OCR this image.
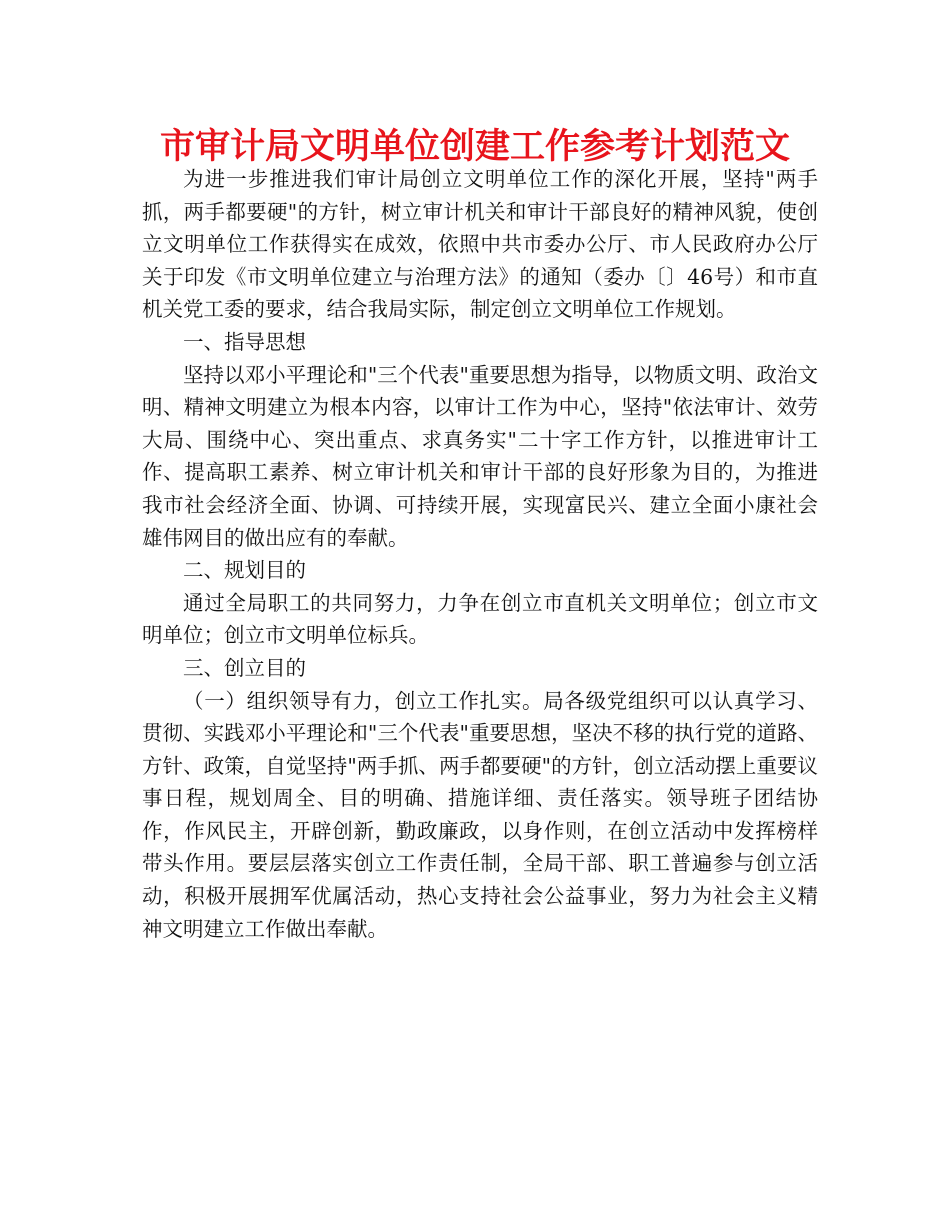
市审计局文明单位创建工作参考计划范文

为进一步推进我们审计局创立文明单位工作的深化开展，坚持"两手抓，两手都要硬"的方针，树立审计机关和审计干部良好的精神风貌，使创立文明单位工作获得实在成效，依照中共市委办公厅、市人民政府办公厅关于印发《市文明单位建立与治理方法》的通知（委办〔〕46号）和市直机关党工委的要求，结合我局实际，制定创立文明单位工作规划。

一、指导思想

坚持以邓小平理论和"三个代表"重要思想为指导，以物质文明、政治文明、精神文明建立为根本内容，以审计工作为中心，坚持"依法审计、效劳大局、围绕中心、突出重点、求真务实"二十字工作方针，以推进审计工作、提高职工素养、树立审计机关和审计干部的良好形象为目的，为推进我市社会经济全面、协调、可持续开展，实现富民兴、建立全面小康社会雄伟网目的做出应有的奉献。

二、规划目的

通过全局职工的共同努力，力争在创立市直机关文明单位；创立市文明单位；创立市文明单位标兵。

三、创立目的

（一）组织领导有力，创立工作扎实。局各级党组织可以认真学习、贯彻、实践邓小平理论和"三个代表"重要思想，坚决不移的执行党的道路、方针、政策，自觉坚持"两手抓、两手都要硬"的方针，创立活动摆上重要议事日程，规划周全、目的明确、措施详细、责任落实。领导班子团结协作，作风民主，开辟创新，勤政廉政，以身作则，在创立活动中发挥榜样带头作用。要层层落实创立工作责任制，全局干部、职工普遍参与创立活动，积极开展拥军优属活动，热心支持社会公益事业，努力为社会主义精神文明建立工作做出奉献。
